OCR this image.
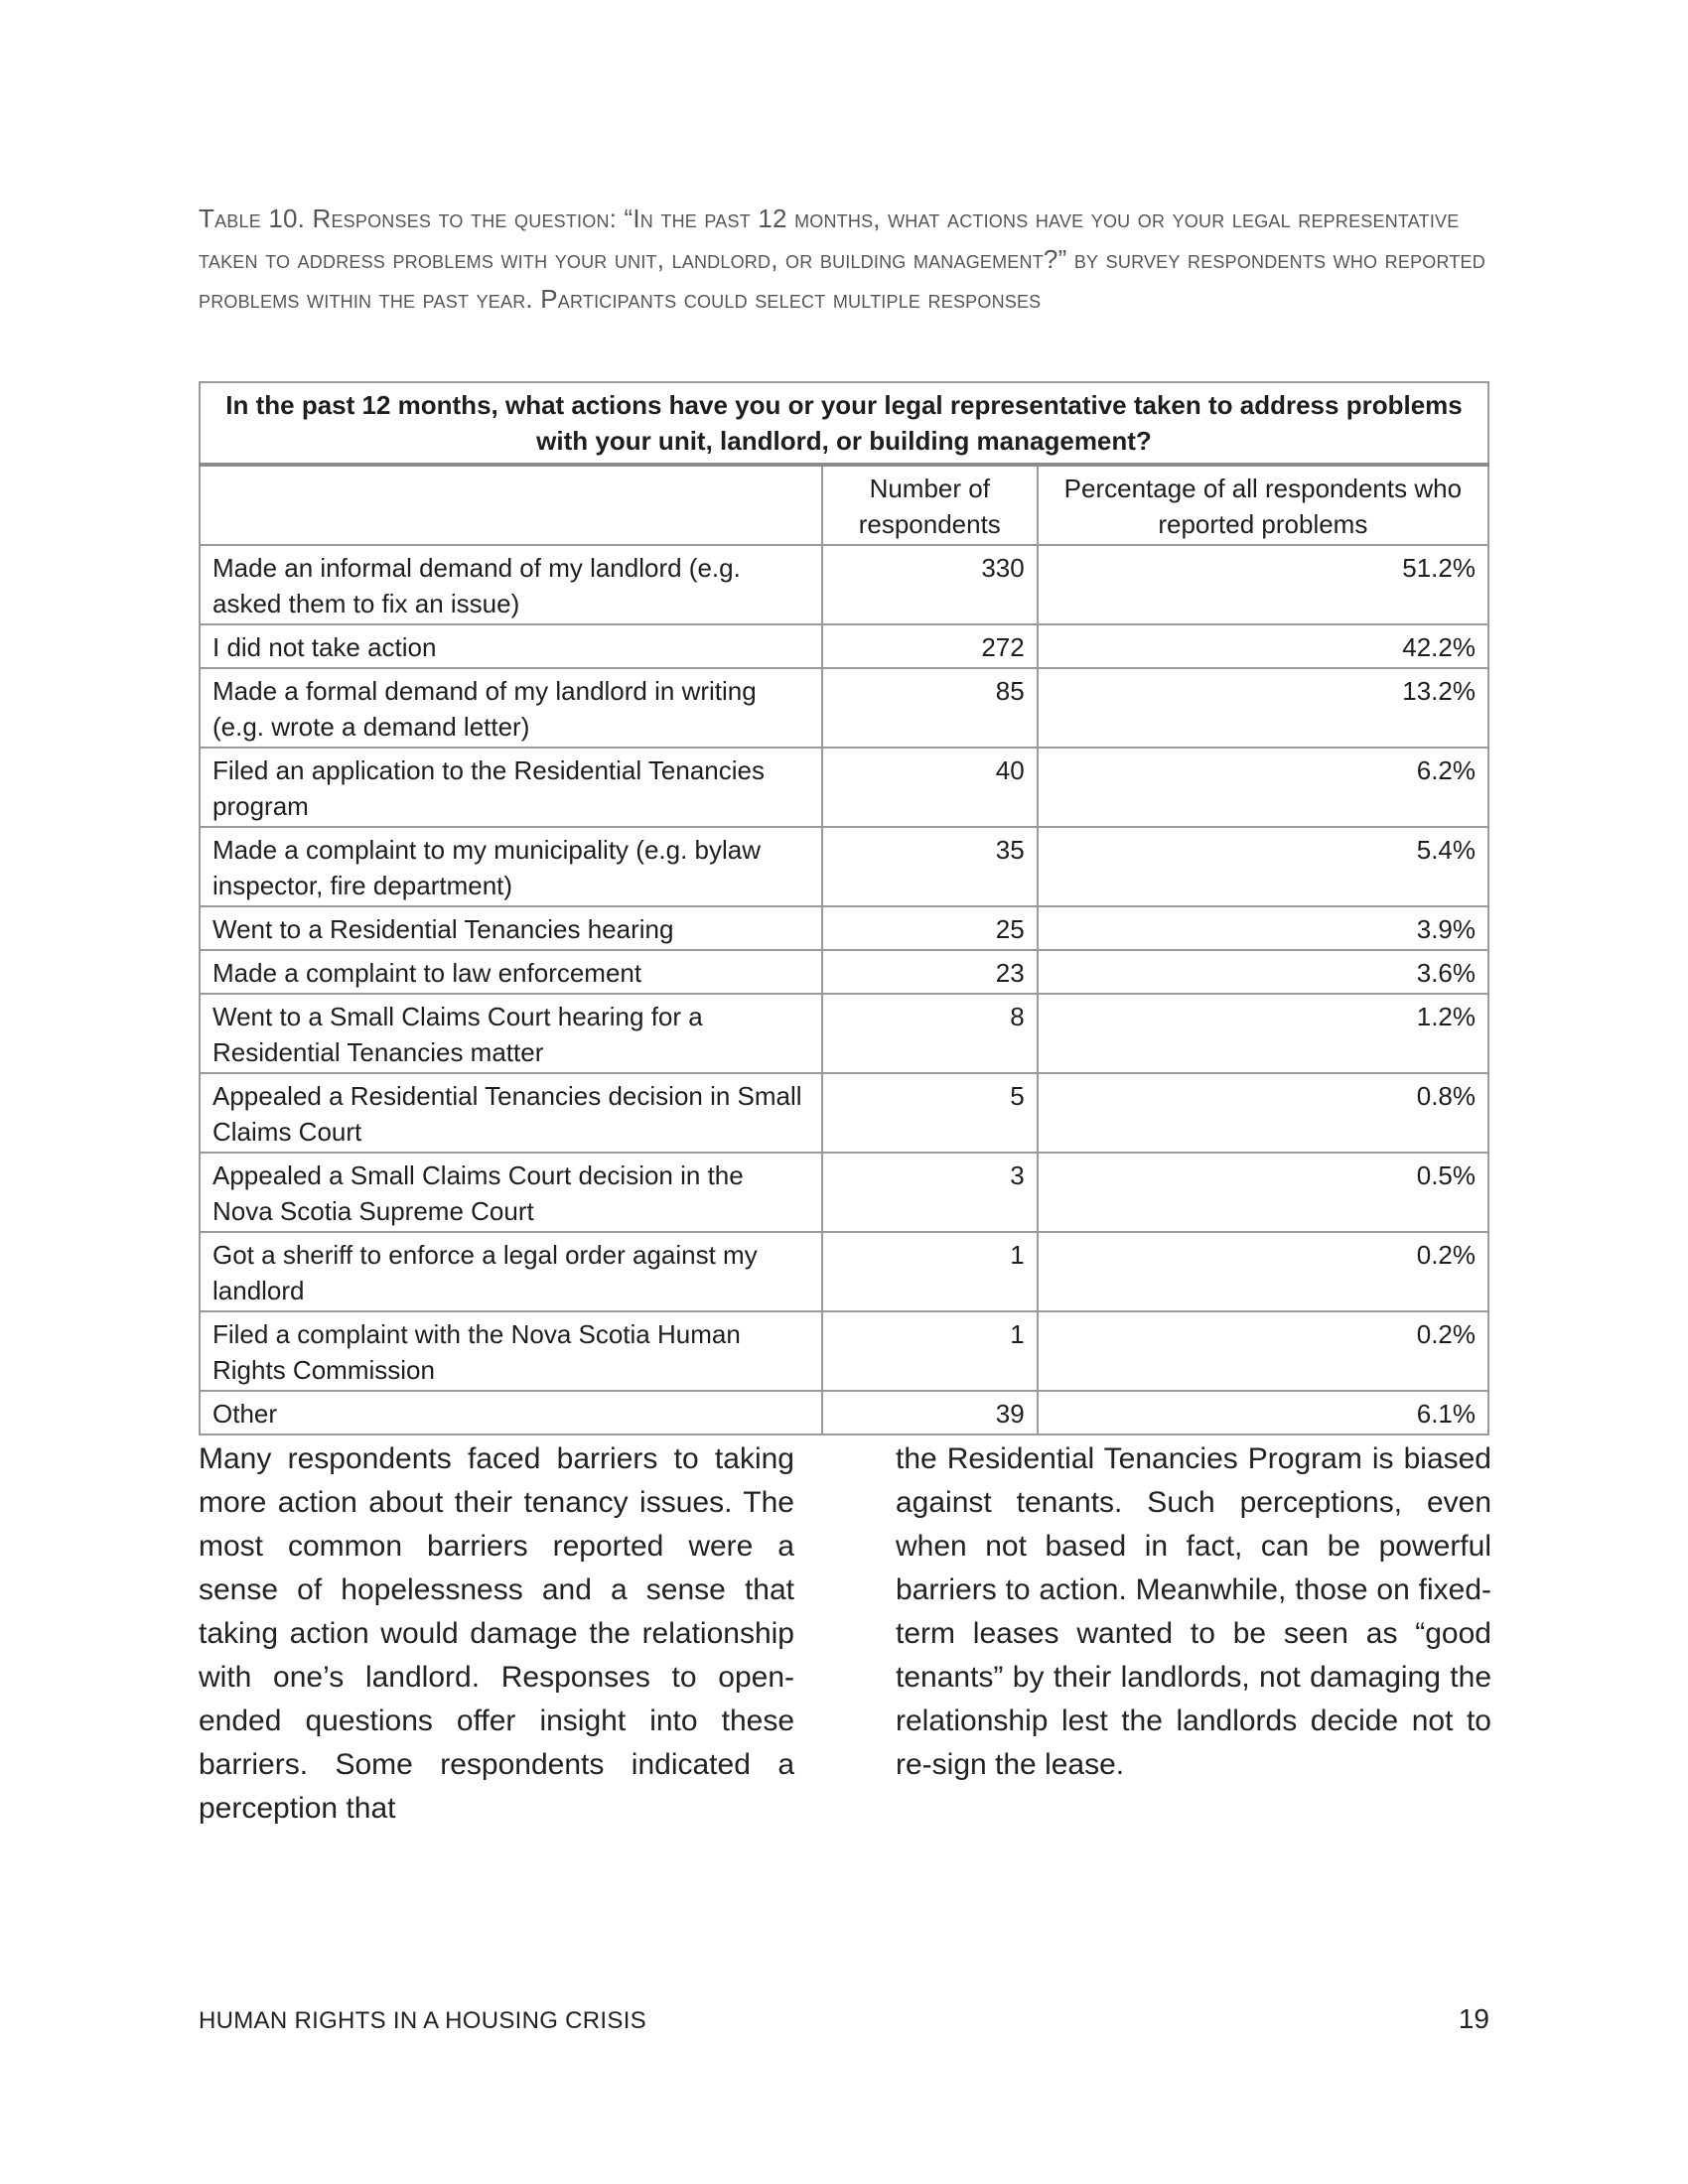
Table 10. Responses to the question: “In the past 12 months, what actions have you or your legal representative taken to address problems with your unit, landlord, or building management?” by survey respondents who reported problems within the past year. Participants could select multiple responses
In the past 12 months, what actions have you or your legal representative taken to address problems with your unit, landlord, or building management?		
	Number of respondents	Percentage of all respondents who reported problems
Made an informal demand of my landlord (e.g. asked them to fix an issue)	330	51.2%
I did not take action	272	42.2%
Made a formal demand of my landlord in writing (e.g. wrote a demand letter)	85	13.2%
Filed an application to the Residential Tenancies program	40	6.2%
Made a complaint to my municipality (e.g. bylaw inspector, fire department)	35	5.4%
Went to a Residential Tenancies hearing	25	3.9%
Made a complaint to law enforcement	23	3.6%
Went to a Small Claims Court hearing for a Residential Tenancies matter	8	1.2%
Appealed a Residential Tenancies decision in Small Claims Court	5	0.8%
Appealed a Small Claims Court decision in the Nova Scotia Supreme Court	3	0.5%
Got a sheriff to enforce a legal order against my landlord	1	0.2%
Filed a complaint with the Nova Scotia Human Rights Commission	1	0.2%
Other	39	6.1%
Many respondents faced barriers to taking more action about their tenancy issues. The most common barriers reported were a sense of hopelessness and a sense that taking action would damage the relationship with one’s landlord. Responses to open-ended questions offer insight into these barriers. Some respondents indicated a perception that
the Residential Tenancies Program is biased against tenants. Such perceptions, even when not based in fact, can be powerful barriers to action. Meanwhile, those on fixed-term leases wanted to be seen as “good tenants” by their landlords, not damaging the relationship lest the landlords decide not to re-sign the lease.
HUMAN RIGHTS IN A HOUSING CRISIS	19
